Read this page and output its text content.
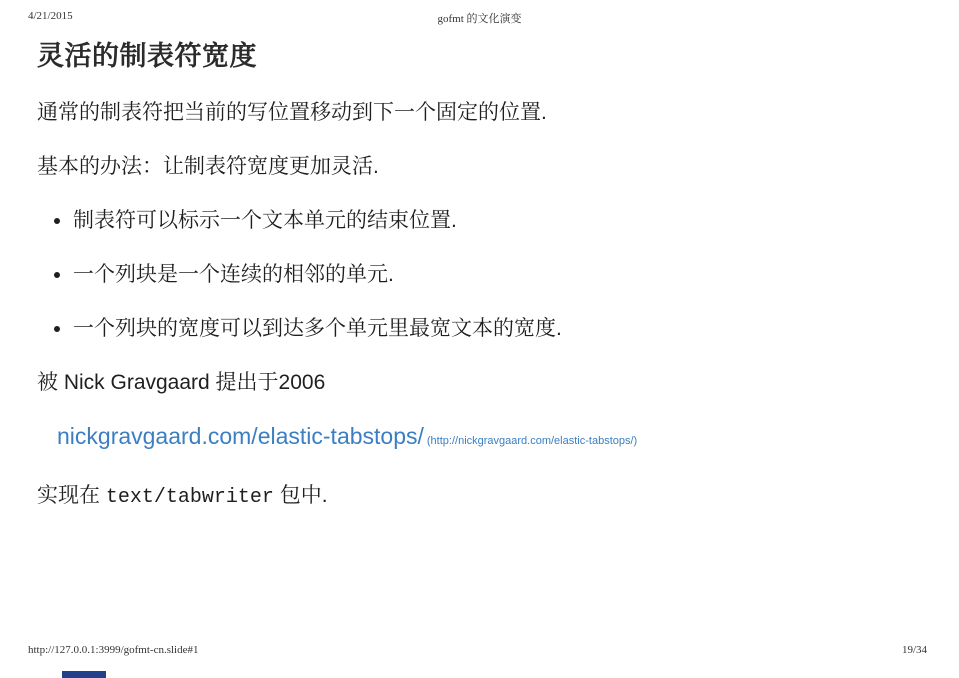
4/21/2015	gofmt 的文化演变
灵活的制表符宽度

通常的制表符把当前的写位置移动到下一个固定的位置.

基本的办法：让制表符宽度更加灵活.

• 制表符可以标示一个文本单元的结束位置.
• 一个列块是一个连续的相邻的单元.
• 一个列块的宽度可以到达多个单元里最宽文本的宽度.

被 Nick Gravgaard 提出于2006

nickgravgaard.com/elastic-tabstops/ (http://nickgravgaard.com/elastic-tabstops/)

实现在 text/tabwriter 包中.

http://127.0.0.1:3999/gofmt-cn.slide#1	19/34
